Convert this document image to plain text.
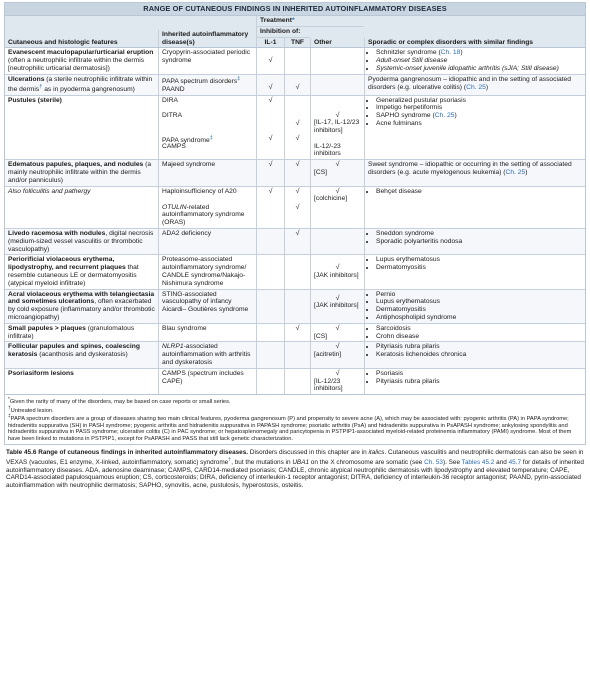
RANGE OF CUTANEOUS FINDINGS IN INHERITED AUTOINFLAMMATORY DISEASES
Cutaneous and histologic features
Inherited autoinflammatory disease(s)
Treatment*
Sporadic or complex disorders with similar findings
Inhibition of:
Other
IL-1	TNF
Evanescent maculopapular/urticarial eruption (often a neutrophilic infiltrate within the dermis [neutrophilic urticarial dermatosis])
Cryopyrin-associated periodic syndrome	√
• Schnitzler syndrome (Ch. 18)
• Adult-onset Still disease
• Systemic-onset juvenile idiopathic arthritis (sJIA; Still disease)
Ulcerations (a sterile neutrophilic infiltrate within the dermis† as in pyoderma gangrenosum)
PAPA spectrum disorders‡
PAAND	√	√
Pyoderma gangrenosum – idiopathic and in the setting of associated disorders (e.g. ulcerative colitis) (Ch. 25)
Pustules (sterile)	DIRA
DITRA
PAPA syndrome‡
CAMPS
√
√
√
√
√
[IL-17, IL-12/23 inhibitors]
IL-12/-23 inhibitors
• Generalized pustular psoriasis
• Impetigo herpetiformis
• SAPHO syndrome (Ch. 25)
• Acne fulminans
Edematous papules, plaques, and nodules (a mainly neutrophilic infiltrate within the dermis and/or panniculus)
Majeed syndrome	√	√	√
[CS]
Sweet syndrome – idiopathic or occurring in the setting of associated disorders (e.g. acute myelogenous leukemia) (Ch. 25)
Also folliculitis and pathergy	Haploinsufficiency of A20
OTULIN-related autoinflammatory syndrome (ORAS)
√	√
√
√
[colchicine]
• Behçet disease
Livedo racemosa with nodules, digital necrosis (medium-sized vessel vasculitis or thrombotic vasculopathy)
ADA2 deficiency	√
•	Sneddon syndrome
• Sporadic polyarteritis nodosa
Periorificial violaceous erythema, lipodystrophy, and recurrent plaques that resemble cutaneous LE or dermatomyositis (atypical myeloid infiltrate)
Proteasome-associated autoinflammatory syndrome/ CANDLE syndrome/Nakajo-Nishimura syndrome
√
[JAK inhibitors]
• Lupus erythematosus
• Dermatomyositis
Acral violaceous erythema with telangiectasia and sometimes ulcerations, often exacerbated by cold exposure (inflammatory and/or thrombotic microangiopathy)
STING-associated vasculopathy of infancy
Aicardi– Goutières syndrome
√
[JAK inhibitors]
• Pernio
• Lupus erythematosus
• Dermatomyositis
• Antiphospholipid syndrome
Small papules > plaques (granulomatous infiltrate)
Blau syndrome	√	√
[CS]
• Sarcoidosis
• Crohn disease
Follicular papules and spines, coalescing keratosis (acanthosis and dyskeratosis)
NLRP1-associated autoinflammation with arthritis and dyskeratosis
√
[acitretin]
• Pityriasis rubra pilaris
• Keratosis lichenoides chronica
Psoriasiform lesions	CAMPS (spectrum includes CAPE)
√
[IL-12/23 inhibitors]
• Psoriasis
• Pityriasis rubra pilaris
*Given the rarity of many of the disorders, may be based on case reports or small series.
†Untreated lesion.
‡PAPA spectrum disorders are a group of diseases sharing two main clinical features, pyoderma gangrenosum (P) and propensity to severe acne (A), which may be associated with: pyogenic arthritis (PA) in PAPA syndrome; hidradenitis suppurativa (SH) in PASH syndrome; pyogenic arthritis and hidradenitis suppurativa in PAPASH syndrome; psoriatic arthritis (PsA) and hidradenitis suppurativa in PsAPASH syndrome; ankylosing spondylitis and hidradenitis suppurativa in PASS syndrome; ulcerative colitis (C) in PAC syndrome; or hepatosplenomegaly and pancytopenia in PSTPIP1-associated myeloid-related proteinemia inflammatory (PAMI) syndrome. Most of them have been linked to mutations in PSTPIP1, except for PsAPASH and PASS that still lack genetic characterization.
Table 45.6 Range of cutaneous findings in inherited autoinflammatory diseases. Disorders discussed in this chapter are in italics. Cutaneous vasculitis and neutrophilic dermatosis can also be seen in VEXAS (vacuoles, E1 enzyme, X-linked, autoinflammatory, somatic) syndrome†, but the mutations in UBA1 on the X chromosome are somatic (see Ch. 53). See Tables 45.2 and 45.7 for details of inherited autoinflammatory diseases. ADA, adenosine deaminase; CAMPS, CARD14-mediated psoriasis; CANDLE, chronic atypical neutrophilic dermatosis with lipodystrophy and elevated temperature; CAPE, CARD14-associated papulosquamous eruption; CS, corticosteroids; DIRA, deficiency of interleukin-1 receptor antagonist; DITRA, deficiency of interleukin-36 receptor antagonist; PAAND, pyrin-associated autoinflammation with neutrophilic dermatosis; SAPHO, synovitis, acne, pustulosis, hyperostosis, osteitis.
